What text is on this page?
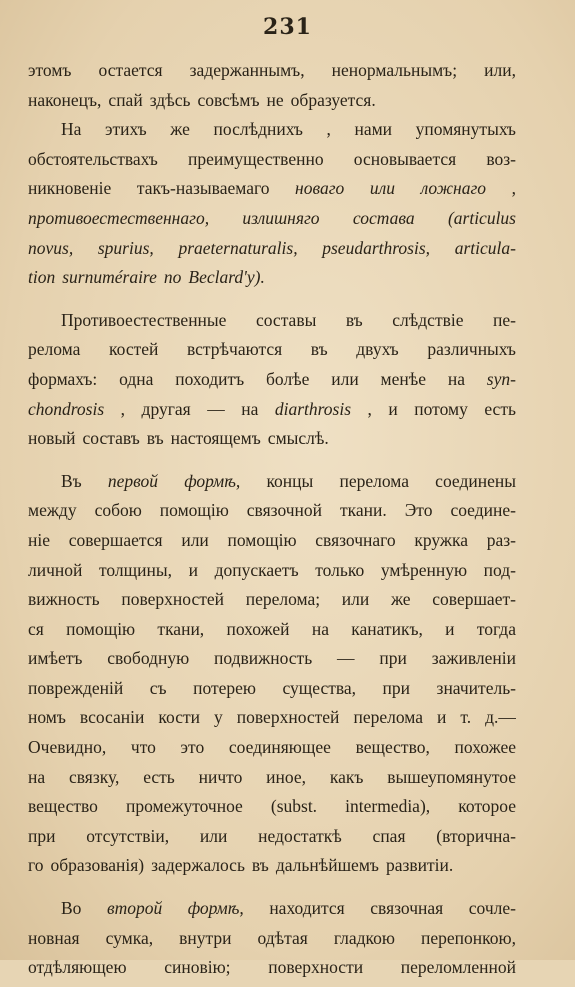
231
этомъ остается задержаннымъ, ненормальнымъ; или,
наконецъ, спай здѣсь совсѣмъ не образуется.
На этихъ же послѣднихъ , нами упомянутыхъ
обстоятельствахъ преимущественно основывается воз-
никновеніе такъ-называемаго новаго или ложнаго ,
противоестественнаго, излишняго состава (articulus
novus, spurius, praeternaturalis, pseudarthrosis, articula-
tion surnuméraire по Beclard'у).
Противоестественные составы въ слѣдствіе пе-
релома костей встрѣчаются въ двухъ различныхъ
формахъ: одна походитъ болѣе или менѣе на syn-
chondrosis , другая — на diarthrosis , и потому есть
новый составъ въ настоящемъ смыслѣ.
Въ первой формѣ, концы перелома соединены
между собою помощію связочной ткани. Это соедине-
ніе совершается или помощію связочнаго кружка раз-
личной толщины, и допускаетъ только умѣренную под-
вижность поверхностей перелома; или же совершает-
ся помощію ткани, похожей на канатикъ, и тогда
имѣетъ свободную подвижность — при заживленіи
поврежденій съ потерею существа, при значитель-
номъ всосаніи кости у поверхностей перелома и т. д.—
Очевидно, что это соединяющее вещество, похожее
на связку, есть ничто иное, какъ вышеупомянутое
вещество промежуточное (subst. intermedia), которое
при отсутствіи, или недостаткѣ спая (вторична-
го образованія) задержалось въ дальнѣйшемъ развитіи.
Во второй формѣ, находится связочная сочле-
новная сумка, внутри одѣтая гладкою перепонкою,
отдѣляющею синовію; поверхности переломленной
